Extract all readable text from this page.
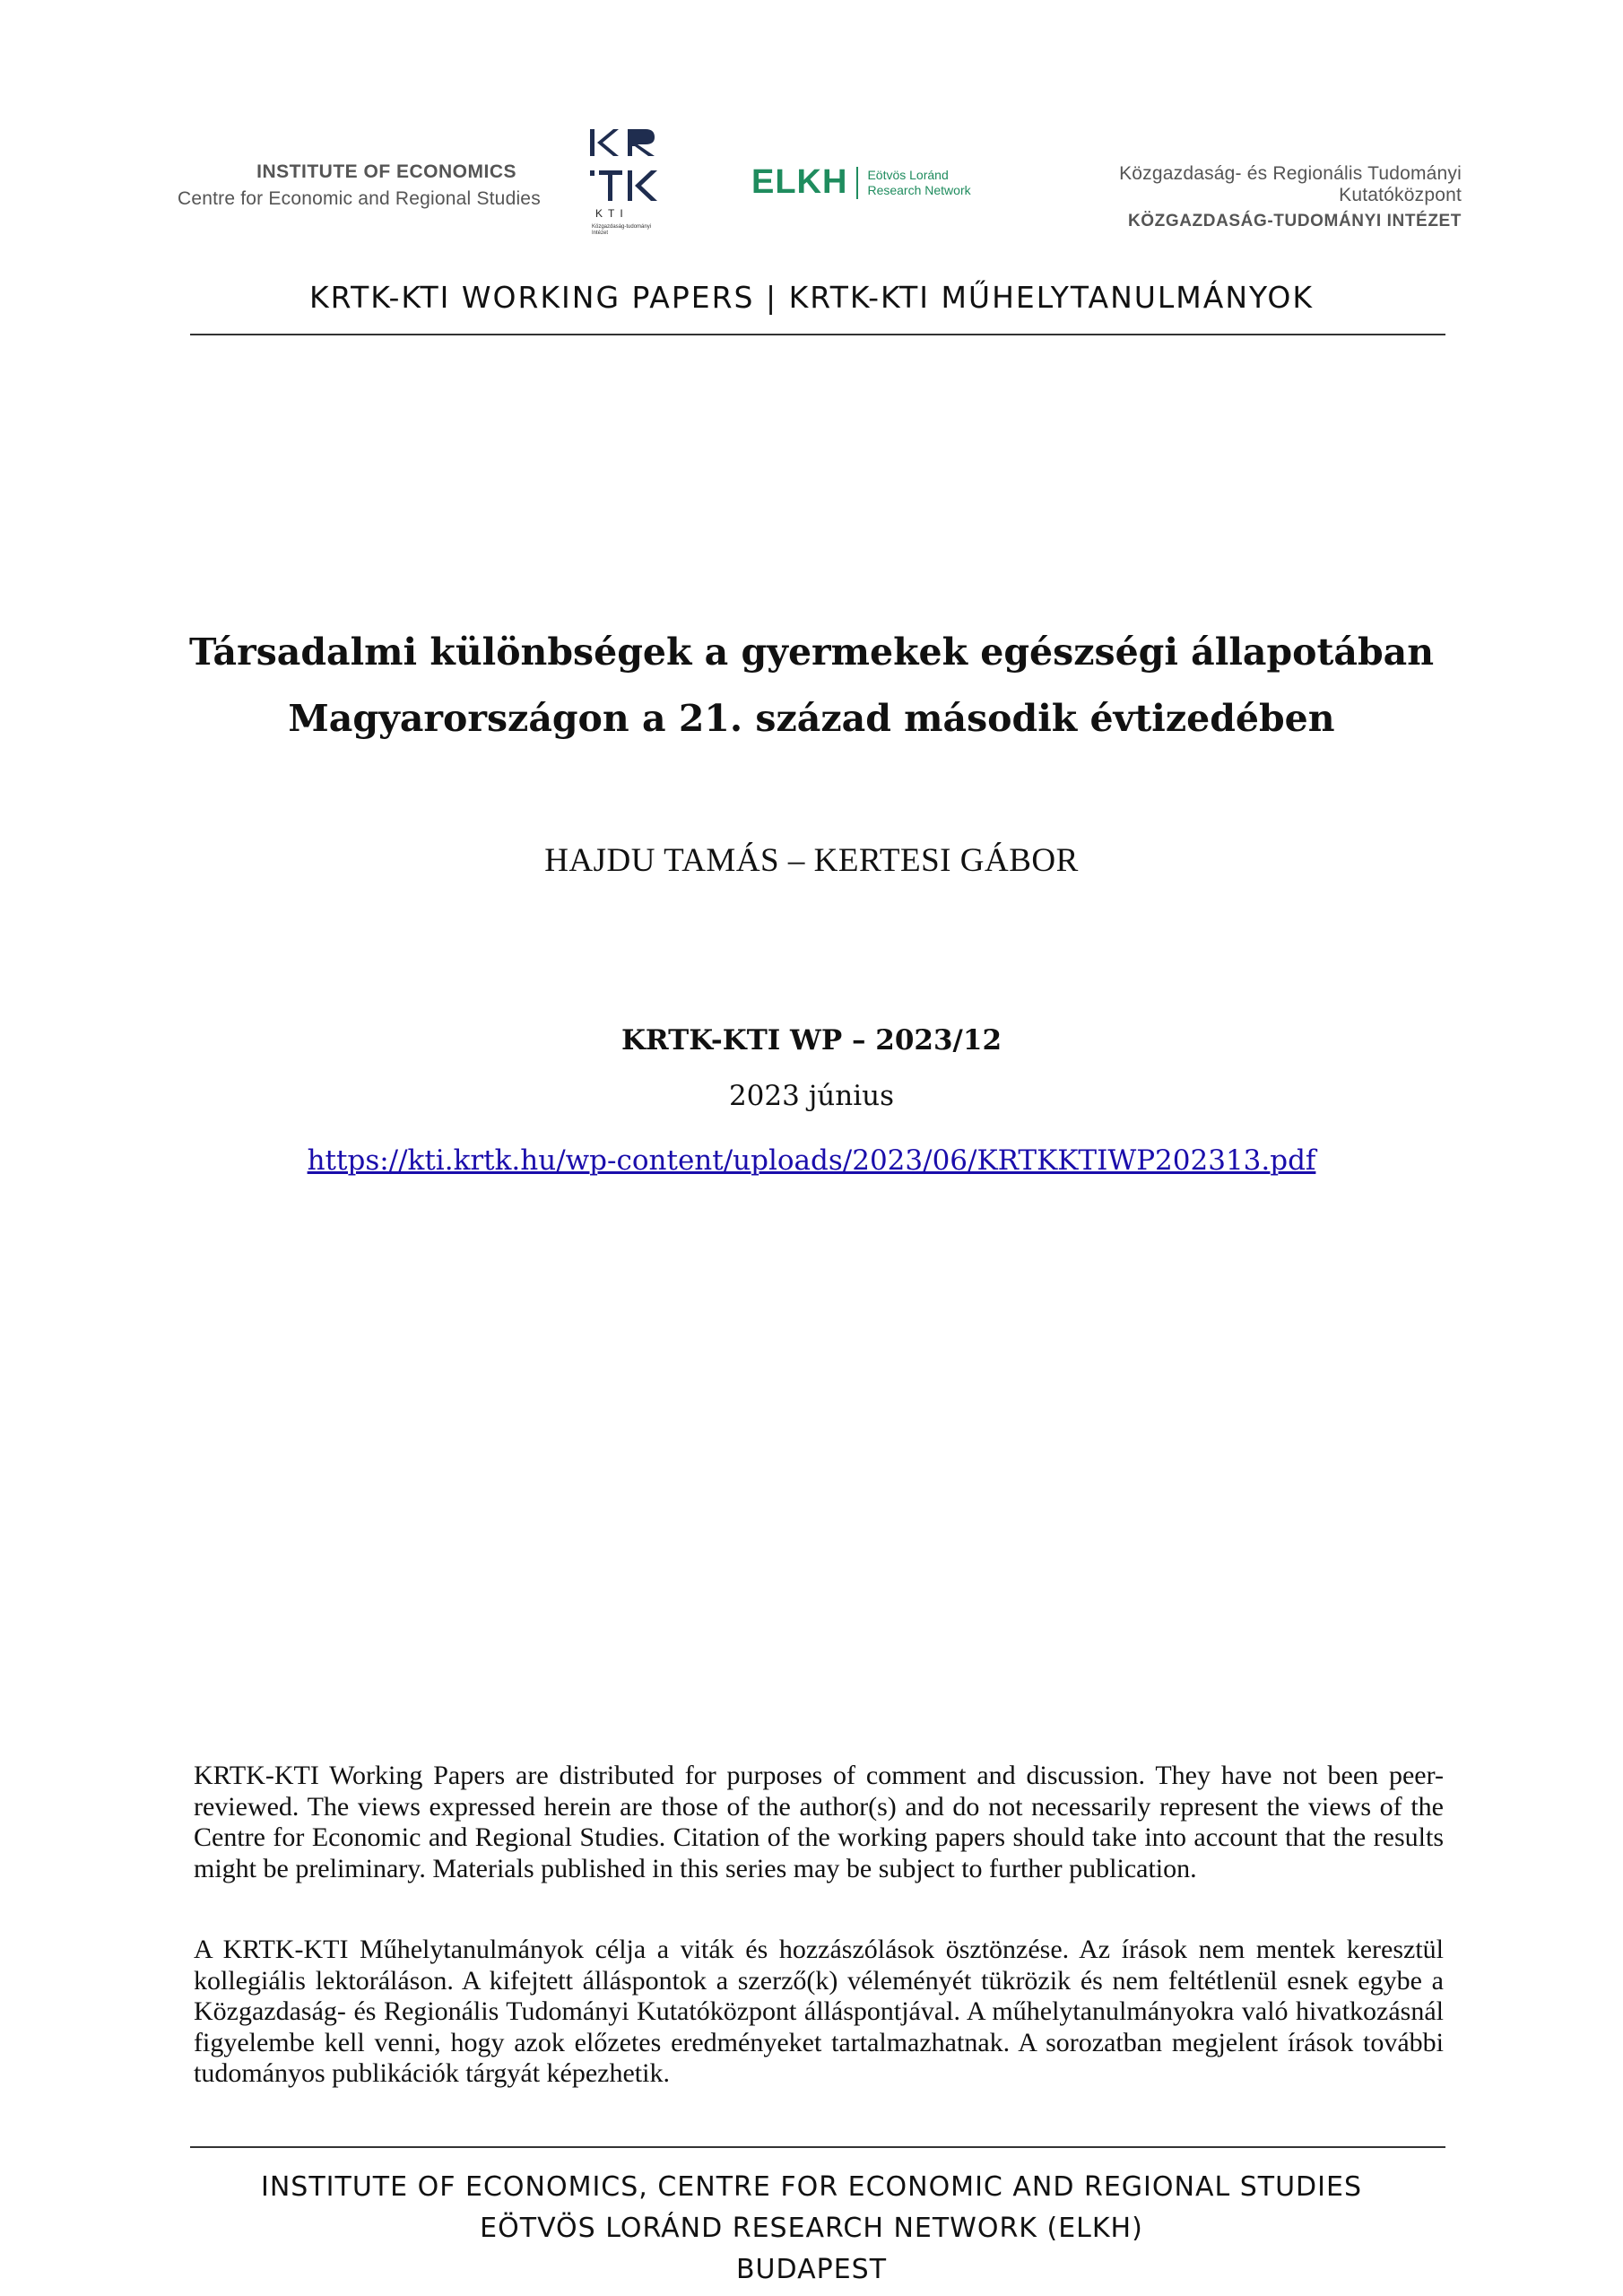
INSTITUTE OF ECONOMICS
Centre for Economic and Regional Studies
KTI
Közgazdaság-tudományi Intézet
ELKH Eötvös Loránd
Research Network
Közgazdaság- és Regionális Tudományi Kutatóközpont
KÖZGAZDASÁG-TUDOMÁNYI INTÉZET
KRTK-KTI WORKING PAPERS | KRTK-KTI MŰHELYTANULMÁNYOK
Társadalmi különbségek a gyermekek egészségi állapotában
Magyarországon a 21. század második évtizedében
HAJDU TAMÁS – KERTESI GÁBOR
KRTK-KTI WP – 2023/12
2023 június
https://kti.krtk.hu/wp-content/uploads/2023/06/KRTKKTIWP202313.pdf
KRTK-KTI Working Papers are distributed for purposes of comment and discussion. They have not been peer-reviewed. The views expressed herein are those of the author(s) and do not necessarily represent the views of the Centre for Economic and Regional Studies. Citation of the working papers should take into account that the results might be preliminary. Materials published in this series may be subject to further publication.
A KRTK-KTI Műhelytanulmányok célja a viták és hozzászólások ösztönzése. Az írások nem mentek keresztül kollegiális lektoráláson. A kifejtett álláspontok a szerző(k) véleményét tükrözik és nem feltétlenül esnek egybe a Közgazdaság- és Regionális Tudományi Kutatóközpont álláspontjával. A műhelytanulmányokra való hivatkozásnál figyelembe kell venni, hogy azok előzetes eredményeket tartalmazhatnak. A sorozatban megjelent írások további tudományos publikációk tárgyát képezhetik.
INSTITUTE OF ECONOMICS, CENTRE FOR ECONOMIC AND REGIONAL STUDIES
EÖTVÖS LORÁND RESEARCH NETWORK (ELKH)
BUDAPEST
